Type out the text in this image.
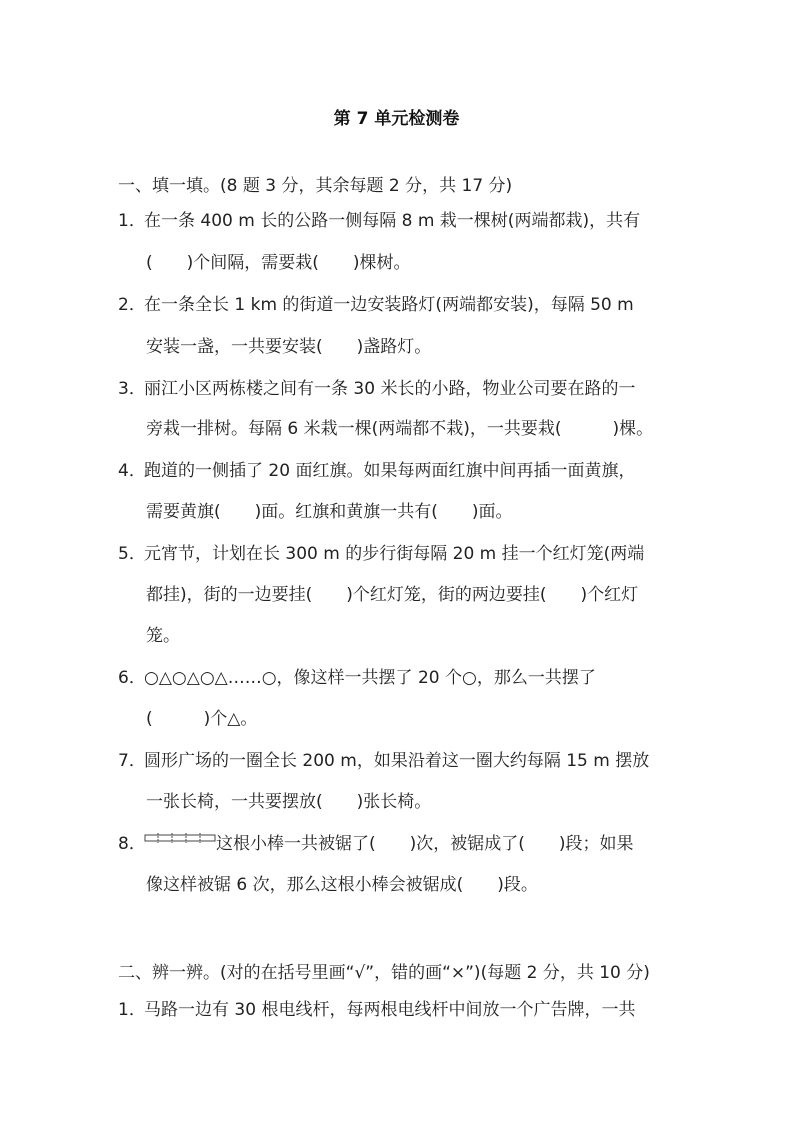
第 7 单元检测卷
一、填一填。(8 题 3 分，其余每题 2 分，共 17 分)
1．在一条 400 m 长的公路一侧每隔 8 m 栽一棵树(两端都栽)，共有
(　　)个间隔，需要栽(　　)棵树。
2．在一条全长 1 km 的街道一边安装路灯(两端都安装)，每隔 50 m
安装一盏，一共要安装(　　)盏路灯。
3．丽江小区两栋楼之间有一条 30 米长的小路，物业公司要在路的一
旁栽一排树。每隔 6 米栽一棵(两端都不栽)，一共要栽(　　　)棵。
4．跑道的一侧插了 20 面红旗。如果每两面红旗中间再插一面黄旗，
需要黄旗(　　)面。红旗和黄旗一共有(　　)面。
5．元宵节，计划在长 300 m 的步行街每隔 20 m 挂一个红灯笼(两端
都挂)，街的一边要挂(　　)个红灯笼，街的两边要挂(　　)个红灯
笼。
6．○△○△○△……○，像这样一共摆了 20 个○，那么一共摆了
(　　　)个△。
7．圆形广场的一圈全长 200 m，如果沿着这一圈大约每隔 15 m 摆放
一张长椅，一共要摆放(　　)张长椅。
8．	这根小棒一共被锯了(　　)次，被锯成了(　　)段；如果
像这样被锯 6 次，那么这根小棒会被锯成(　　)段。
二、辨一辨。(对的在括号里画“√”，错的画“×”)(每题 2 分，共 10 分)
1．马路一边有 30 根电线杆，每两根电线杆中间放一个广告牌，一共
